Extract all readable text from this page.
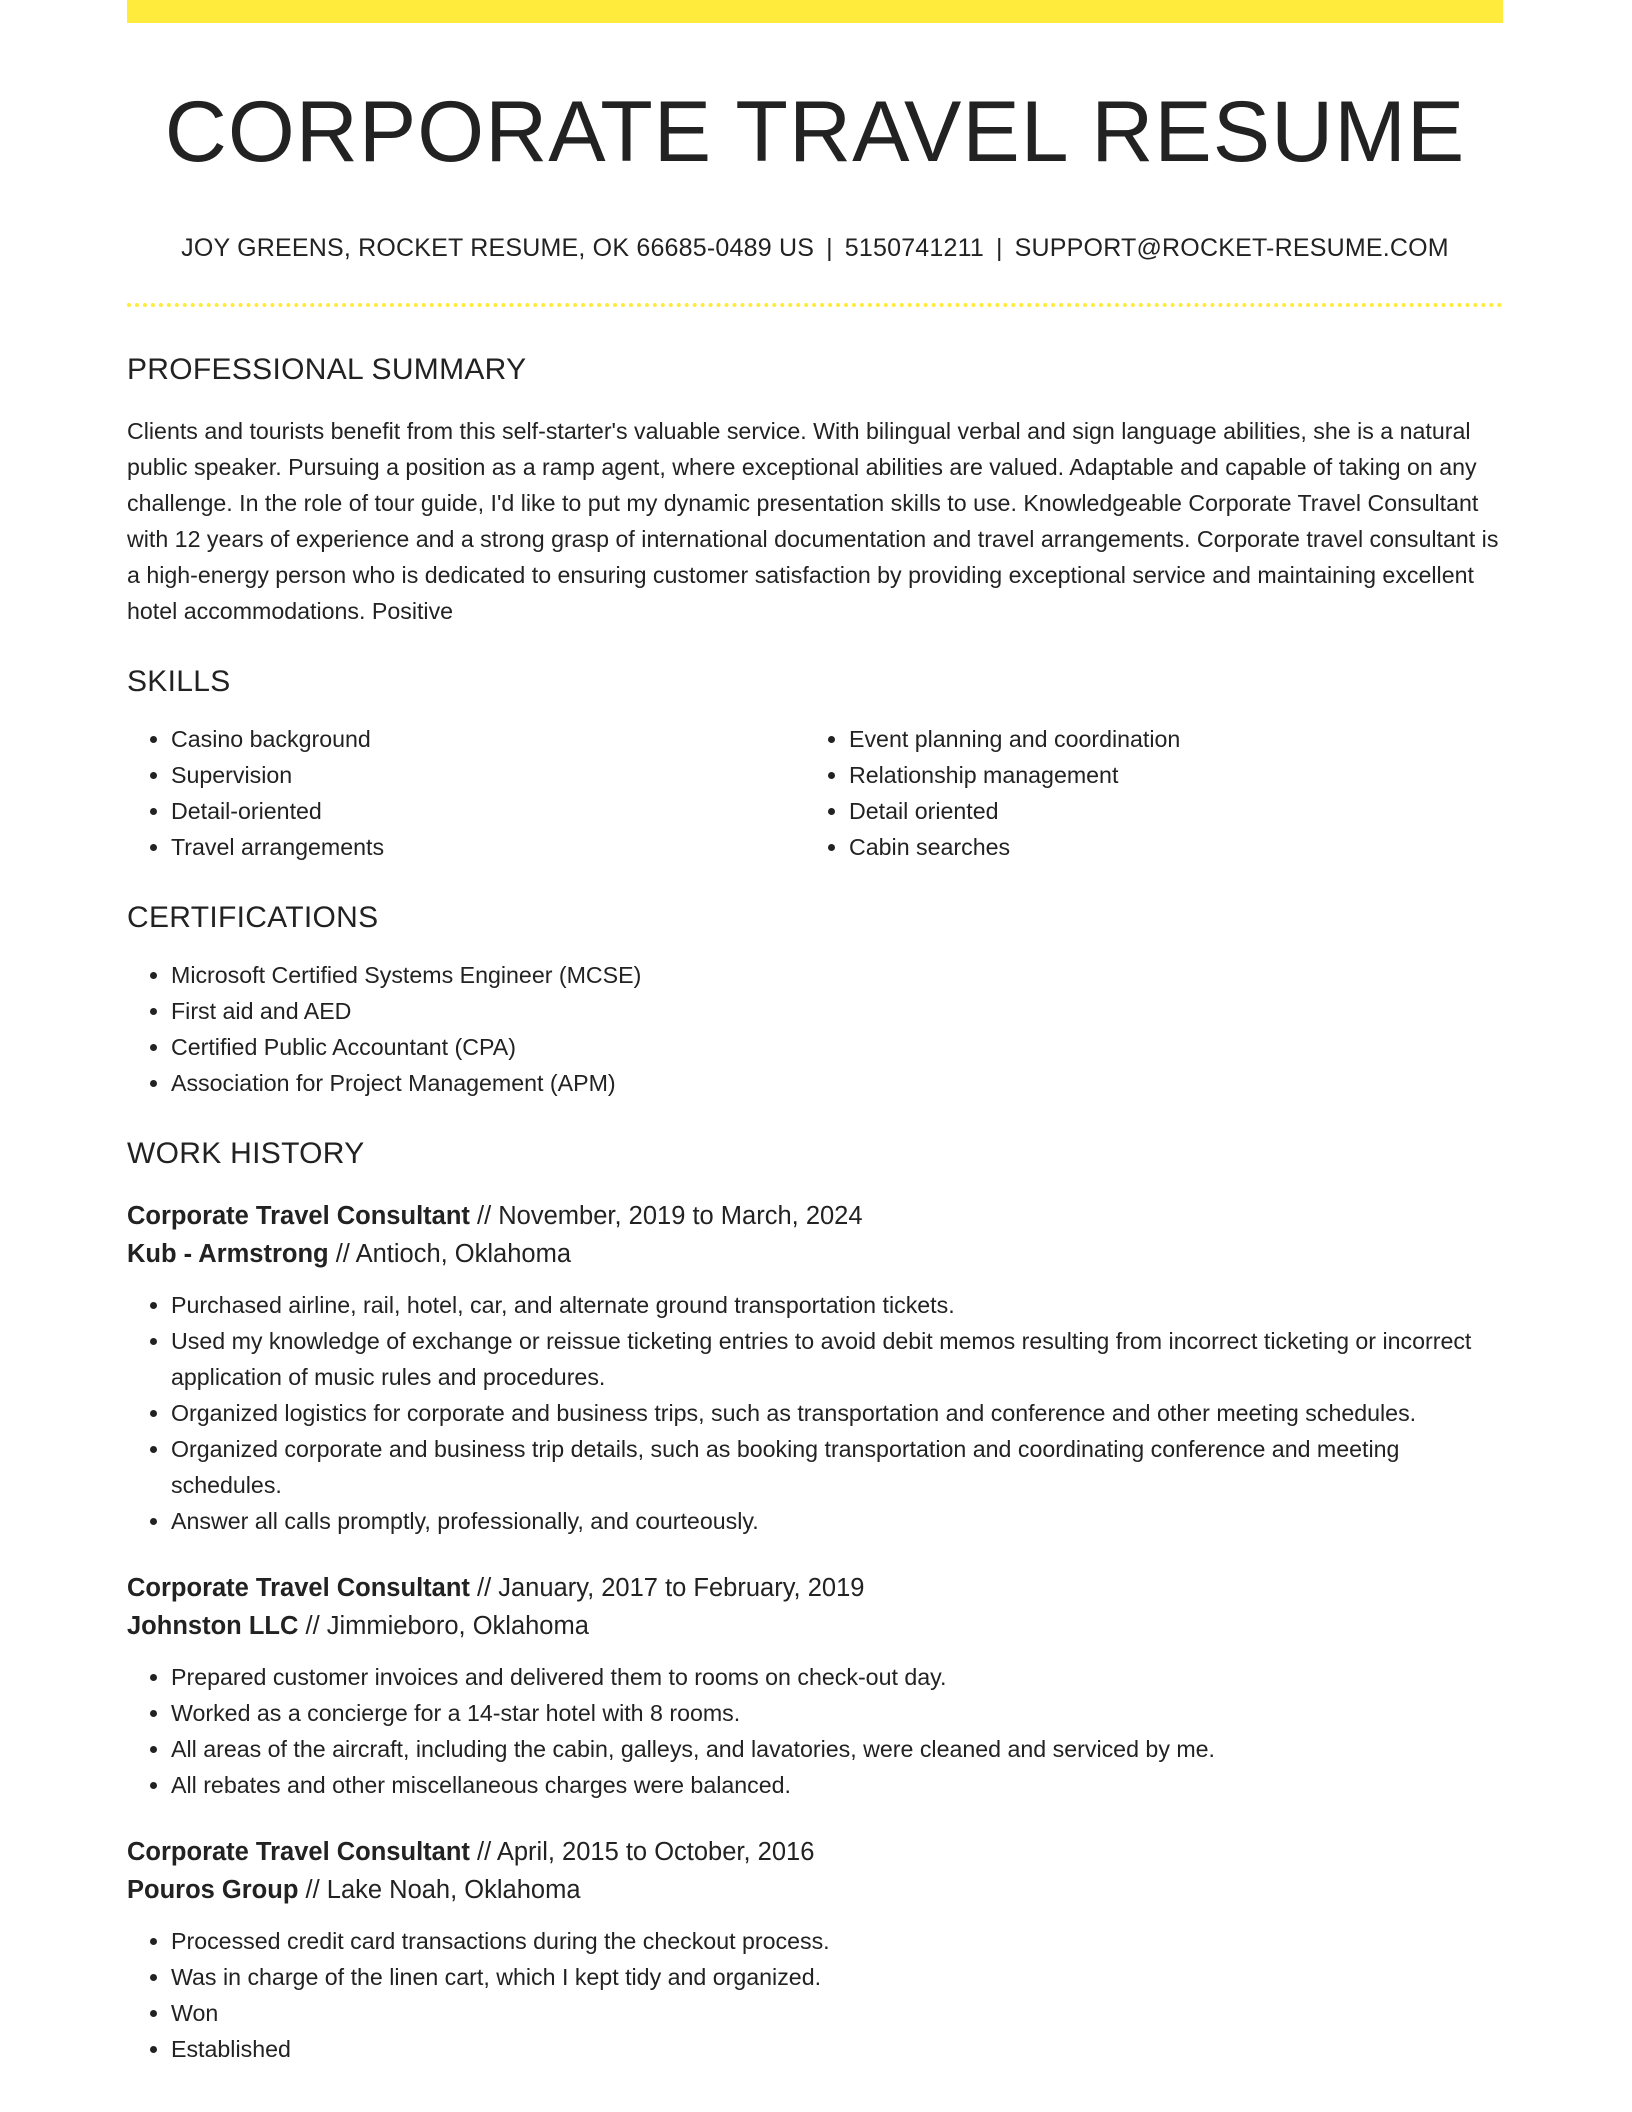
CORPORATE TRAVEL RESUME
JOY GREENS, ROCKET RESUME, OK 66685-0489 US | 5150741211 | SUPPORT@ROCKET-RESUME.COM
PROFESSIONAL SUMMARY
Clients and tourists benefit from this self-starter's valuable service. With bilingual verbal and sign language abilities, she is a natural public speaker. Pursuing a position as a ramp agent, where exceptional abilities are valued. Adaptable and capable of taking on any challenge. In the role of tour guide, I'd like to put my dynamic presentation skills to use. Knowledgeable Corporate Travel Consultant with 12 years of experience and a strong grasp of international documentation and travel arrangements. Corporate travel consultant is a high-energy person who is dedicated to ensuring customer satisfaction by providing exceptional service and maintaining excellent hotel accommodations. Positive
SKILLS
• Casino background
• Supervision
• Detail-oriented
• Travel arrangements
• Event planning and coordination
• Relationship management
• Detail oriented
• Cabin searches
CERTIFICATIONS
• Microsoft Certified Systems Engineer (MCSE)
• First aid and AED
• Certified Public Accountant (CPA)
• Association for Project Management (APM)
WORK HISTORY
Corporate Travel Consultant // November, 2019 to March, 2024
Kub - Armstrong // Antioch, Oklahoma
• Purchased airline, rail, hotel, car, and alternate ground transportation tickets.
• Used my knowledge of exchange or reissue ticketing entries to avoid debit memos resulting from incorrect ticketing or incorrect application of music rules and procedures.
• Organized logistics for corporate and business trips, such as transportation and conference and other meeting schedules.
• Organized corporate and business trip details, such as booking transportation and coordinating conference and meeting schedules.
• Answer all calls promptly, professionally, and courteously.
Corporate Travel Consultant // January, 2017 to February, 2019
Johnston LLC // Jimmieboro, Oklahoma
• Prepared customer invoices and delivered them to rooms on check-out day.
• Worked as a concierge for a 14-star hotel with 8 rooms.
• All areas of the aircraft, including the cabin, galleys, and lavatories, were cleaned and serviced by me.
• All rebates and other miscellaneous charges were balanced.
Corporate Travel Consultant // April, 2015 to October, 2016
Pouros Group // Lake Noah, Oklahoma
• Processed credit card transactions during the checkout process.
• Was in charge of the linen cart, which I kept tidy and organized.
• Won
• Established
